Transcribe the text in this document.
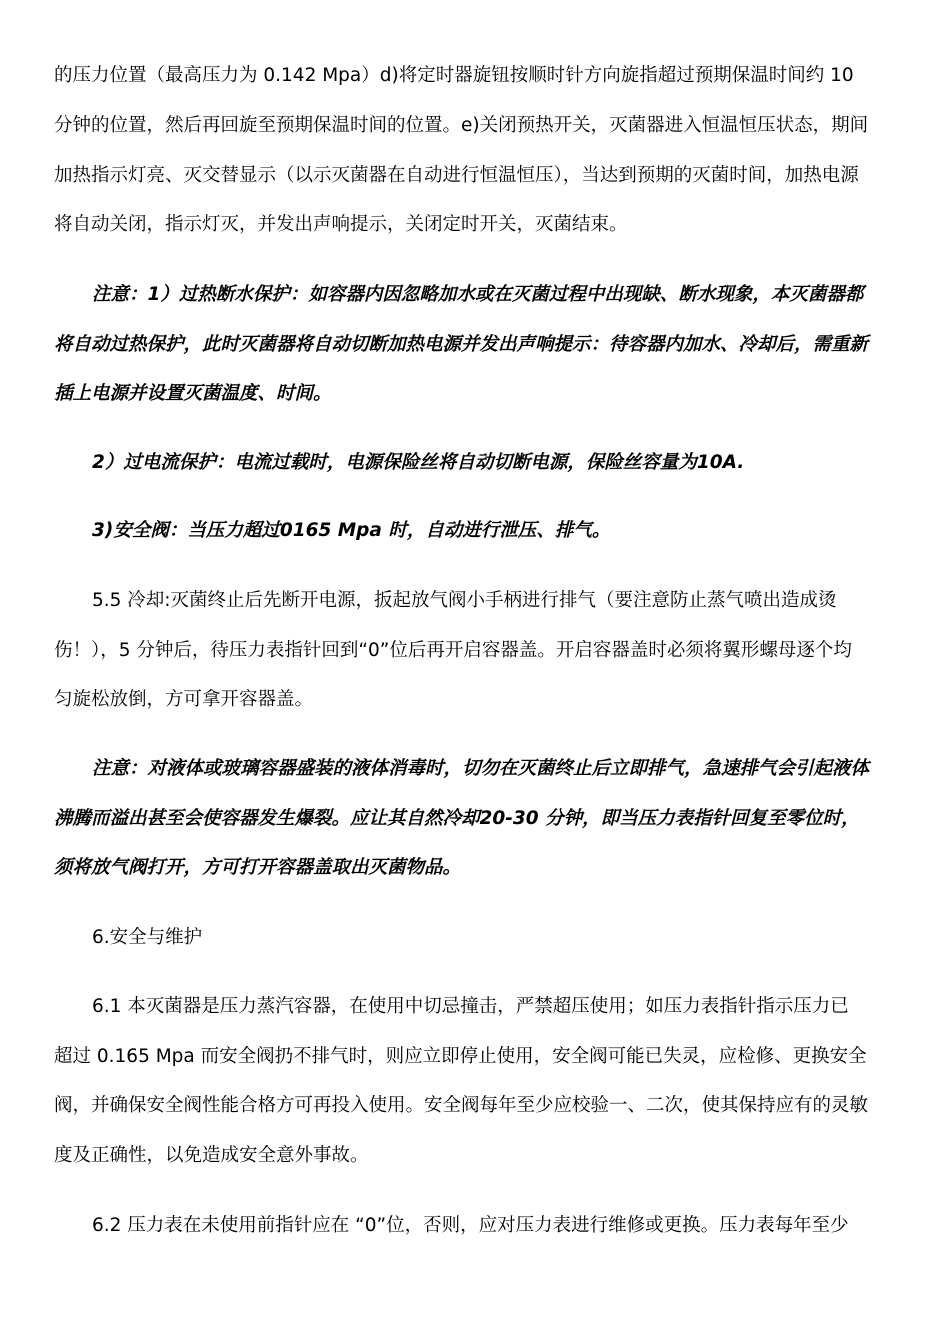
的压力位置（最高压力为 0.142 Mpa）d)将定时器旋钮按顺时针方向旋指超过预期保温时间约 10
分钟的位置，然后再回旋至预期保温时间的位置。e)关闭预热开关，灭菌器进入恒温恒压状态，期间
加热指示灯亮、灭交替显示（以示灭菌器在自动进行恒温恒压），当达到预期的灭菌时间，加热电源
将自动关闭，指示灯灭，并发出声响提示，关闭定时开关，灭菌结束。
注意：1）过热断水保护：如容器内因忽略加水或在灭菌过程中出现缺、断水现象，本灭菌器都
将自动过热保护，此时灭菌器将自动切断加热电源并发出声响提示：待容器内加水、冷却后，需重新
插上电源并设置灭菌温度、时间。
2）过电流保护：电流过载时，电源保险丝将自动切断电源，保险丝容量为10A.
3)安全阀：当压力超过0165 Mpa 时，自动进行泄压、排气。
5.5 冷却:灭菌终止后先断开电源，扳起放气阀小手柄进行排气（要注意防止蒸气喷出造成烫
伤！），5 分钟后，待压力表指针回到“0”位后再开启容器盖。开启容器盖时必须将翼形螺母逐个均
匀旋松放倒，方可拿开容器盖。
注意：对液体或玻璃容器盛装的液体消毒时，切勿在灭菌终止后立即排气，急速排气会引起液体
沸腾而溢出甚至会使容器发生爆裂。应让其自然冷却20-30 分钟，即当压力表指针回复至零位时，
须将放气阀打开，方可打开容器盖取出灭菌物品。
6.安全与维护
6.1 本灭菌器是压力蒸汽容器，在使用中切忌撞击，严禁超压使用；如压力表指针指示压力已
超过 0.165 Mpa 而安全阀扔不排气时，则应立即停止使用，安全阀可能已失灵，应检修、更换安全
阀，并确保安全阀性能合格方可再投入使用。安全阀每年至少应校验一、二次，使其保持应有的灵敏
度及正确性，以免造成安全意外事故。
6.2 压力表在未使用前指针应在 “0”位，否则，应对压力表进行维修或更换。压力表每年至少
